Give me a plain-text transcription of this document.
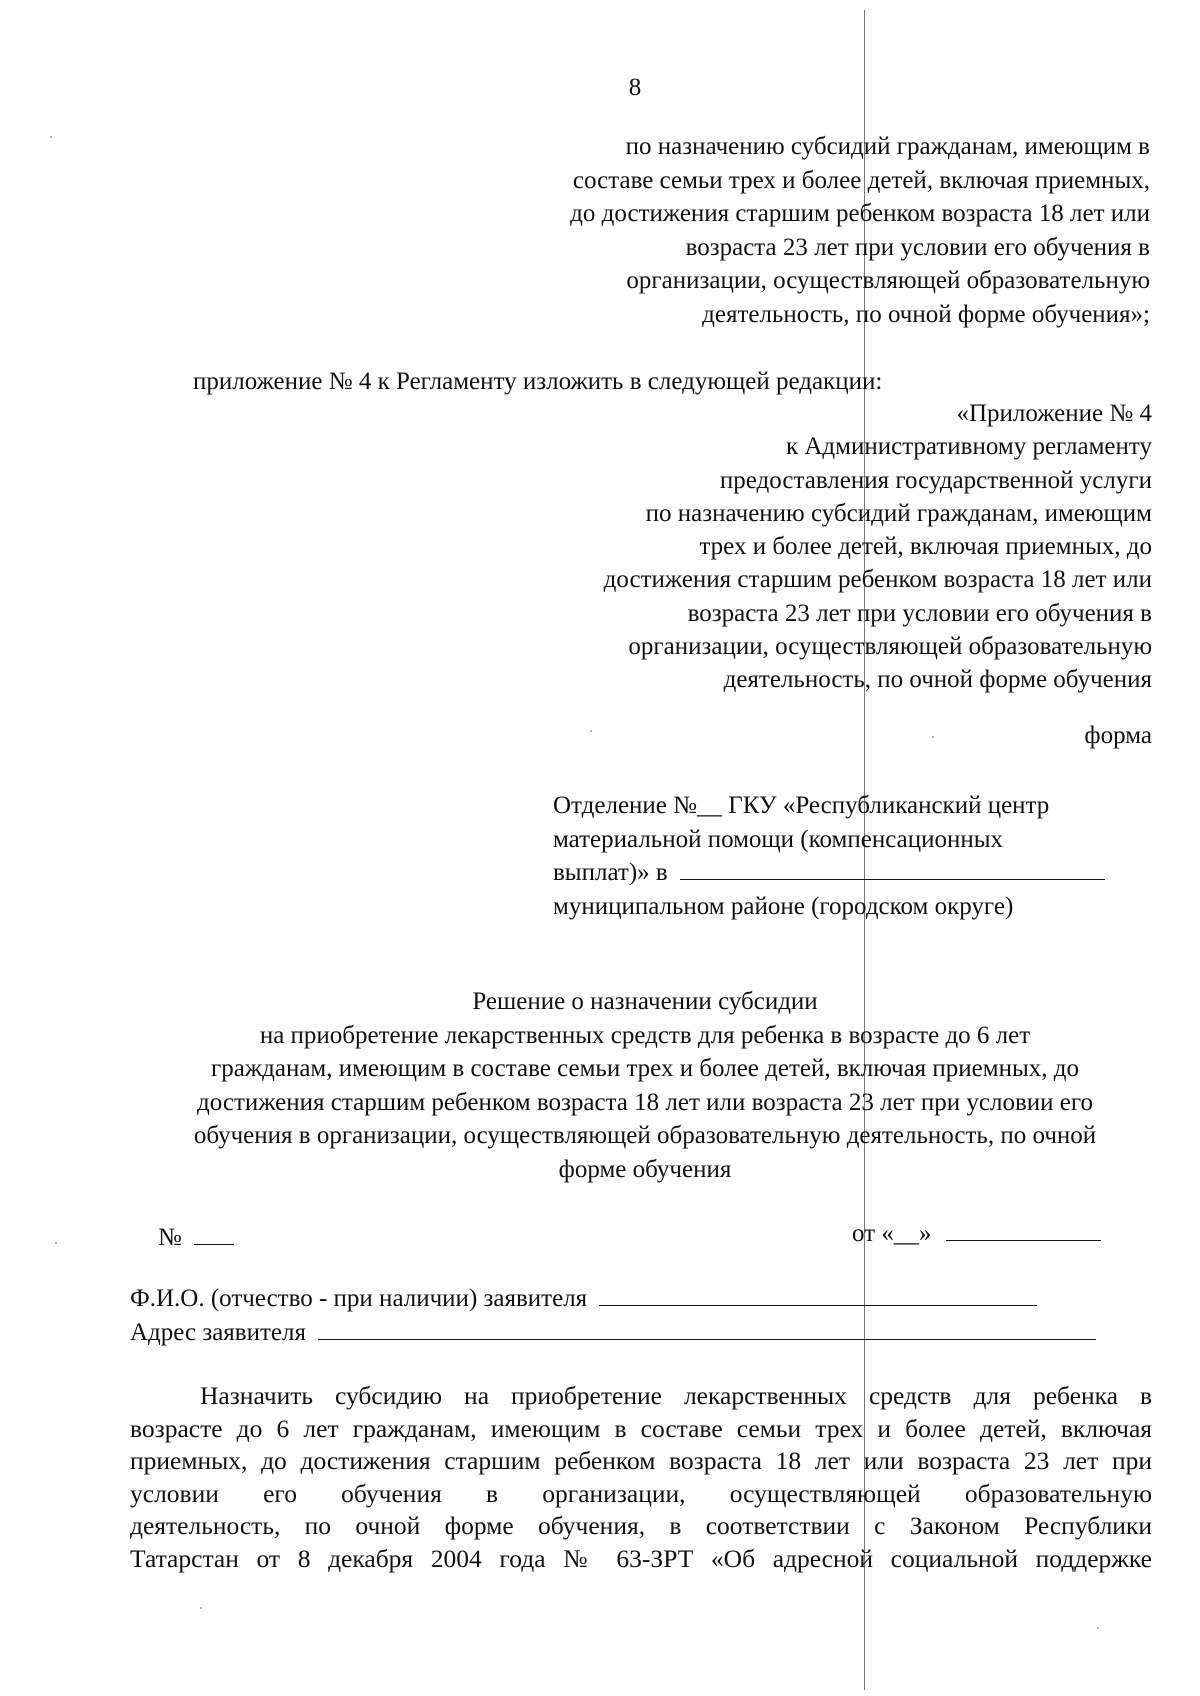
8
по назначению субсидий гражданам, имеющим в
составе семьи трех и более детей, включая приемных,
до достижения старшим ребенком возраста 18 лет или
возраста 23 лет при условии его обучения в
организации, осуществляющей образовательную
деятельность, по очной форме обучения»;
приложение № 4 к Регламенту изложить в следующей редакции:
«Приложение № 4
к Административному регламенту
предоставления государственной услуги
по назначению субсидий гражданам, имеющим
трех и более детей, включая приемных, до
достижения старшим ребенком возраста 18 лет или
возраста 23 лет при условии его обучения в
организации, осуществляющей образовательную
деятельность, по очной форме обучения
форма
Отделение №__ ГКУ «Республиканский центр
материальной помощи (компенсационных
выплат)» в
муниципальном районе (городском округе)
Решение о назначении субсидии
на приобретение лекарственных средств для ребенка в возрасте до 6 лет
гражданам, имеющим в составе семьи трех и более детей, включая приемных, до
достижения старшим ребенком возраста 18 лет или возраста 23 лет при условии его
обучения в организации, осуществляющей образовательную деятельность, по очной
форме обучения
№	от «__»
Ф.И.О. (отчество - при наличии) заявителя
Адрес заявителя
Назначить субсидию на приобретение лекарственных средств для ребенка в
возрасте до 6 лет гражданам, имеющим в составе семьи трех и более детей, включая
приемных, до достижения старшим ребенком возраста 18 лет или возраста 23 лет при
условии его обучения в организации, осуществляющей образовательную
деятельность, по очной форме обучения, в соответствии с Законом Республики
Татарстан от 8 декабря 2004 года № 63-ЗРТ «Об адресной социальной поддержке
